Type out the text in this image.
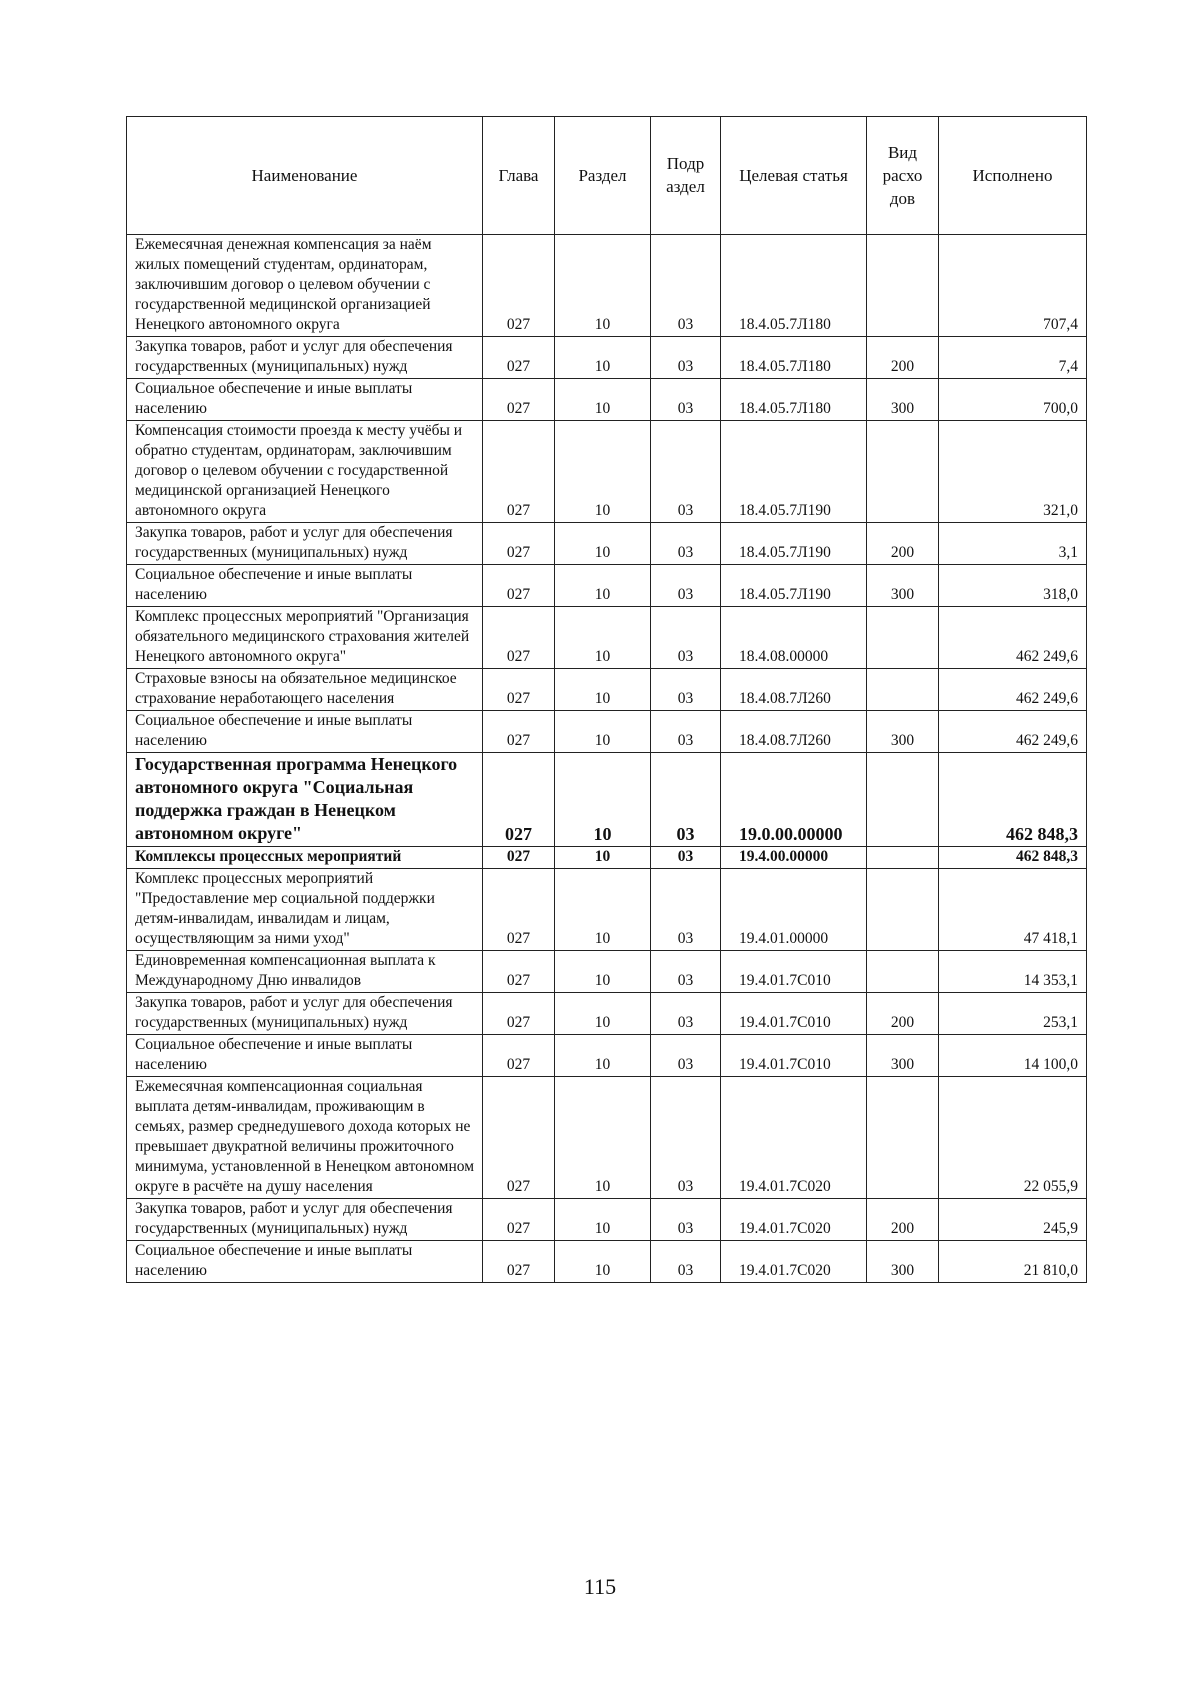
Наименование	Глава	Раздел	Подр аздел	Целевая статья	Вид расхо дов	Исполнено
Ежемесячная денежная компенсация за наём жилых помещений студентам, ординаторам, заключившим договор о целевом обучении с государственной медицинской организацией Ненецкого автономного округа	027	10	03	18.4.05.7Л180		707,4
Закупка товаров, работ и услуг для обеспечения государственных (муниципальных) нужд	027	10	03	18.4.05.7Л180	200	7,4
Социальное обеспечение и иные выплаты населению	027	10	03	18.4.05.7Л180	300	700,0
Компенсация стоимости проезда к месту учёбы и обратно студентам, ординаторам, заключившим договор о целевом обучении с государственной медицинской организацией Ненецкого автономного округа	027	10	03	18.4.05.7Л190		321,0
Закупка товаров, работ и услуг для обеспечения государственных (муниципальных) нужд	027	10	03	18.4.05.7Л190	200	3,1
Социальное обеспечение и иные выплаты населению	027	10	03	18.4.05.7Л190	300	318,0
Комплекс процессных мероприятий "Организация обязательного медицинского страхования жителей Ненецкого автономного округа"	027	10	03	18.4.08.00000		462 249,6
Страховые взносы на обязательное медицинское страхование неработающего населения	027	10	03	18.4.08.7Л260		462 249,6
Социальное обеспечение и иные выплаты населению	027	10	03	18.4.08.7Л260	300	462 249,6
Государственная программа Ненецкого автономного округа "Социальная поддержка граждан в Ненецком автономном округе"	027	10	03	19.0.00.00000		462 848,3
Комплексы процессных мероприятий	027	10	03	19.4.00.00000		462 848,3
Комплекс процессных мероприятий "Предоставление мер социальной поддержки детям-инвалидам, инвалидам и лицам, осуществляющим за ними уход"	027	10	03	19.4.01.00000		47 418,1
Единовременная компенсационная выплата к Международному Дню инвалидов	027	10	03	19.4.01.7С010		14 353,1
Закупка товаров, работ и услуг для обеспечения государственных (муниципальных) нужд	027	10	03	19.4.01.7С010	200	253,1
Социальное обеспечение и иные выплаты населению	027	10	03	19.4.01.7С010	300	14 100,0
Ежемесячная компенсационная социальная выплата детям-инвалидам, проживающим в семьях, размер среднедушевого дохода которых не превышает двукратной величины прожиточного минимума, установленной в Ненецком автономном округе в расчёте на душу населения	027	10	03	19.4.01.7С020		22 055,9
Закупка товаров, работ и услуг для обеспечения государственных (муниципальных) нужд	027	10	03	19.4.01.7С020	200	245,9
Социальное обеспечение и иные выплаты населению	027	10	03	19.4.01.7С020	300	21 810,0
115
